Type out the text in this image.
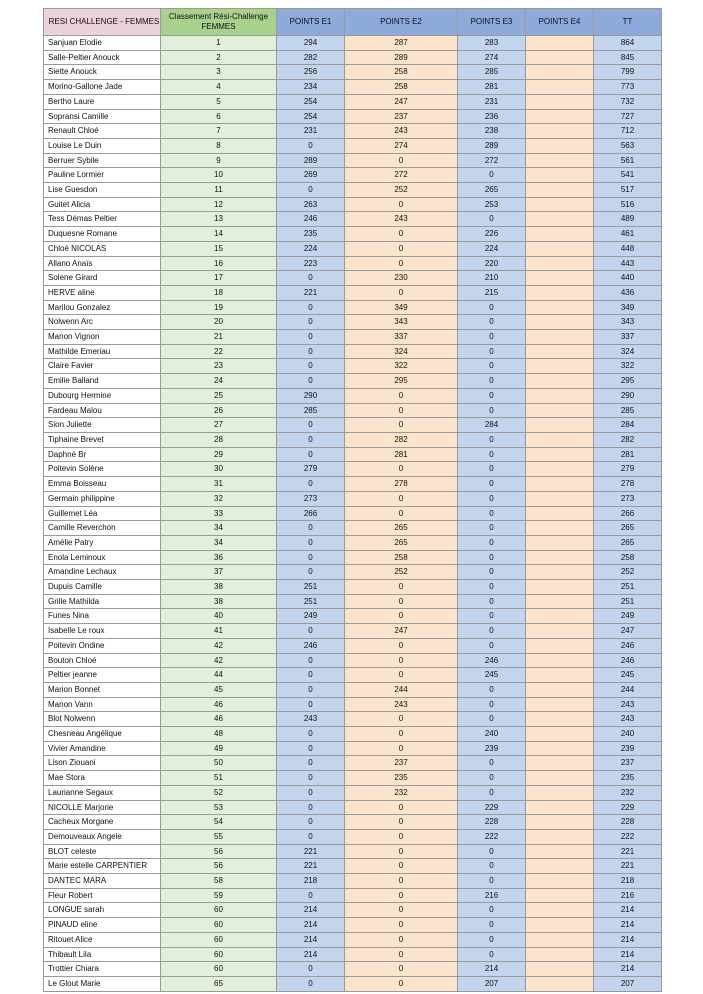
RESI CHALLENGE - FEMMES	Classement Rési-Challenge FEMMES	POINTS E1	POINTS E2	POINTS E3	POINTS E4	TT
Sanjuan Elodie	1	294	287	283		864
Salle-Peltier Anouck	2	282	289	274		845
Siette Anouck	3	256	258	285		799
Morino-Gallone Jade	4	234	258	281		773
Bertho Laure	5	254	247	231		732
Sopransi Camille	6	254	237	236		727
Renault Chloé	7	231	243	238		712
Louise Le Duin	8	0	274	289		563
Berruer Sybile	9	289	0	272		561
Pauline Lormier	10	269	272	0		541
Lise Guesdon	11	0	252	265		517
Guitet Alicia	12	263	0	253		516
Tess Démas Peltier	13	246	243	0		489
Duquesne Romane	14	235	0	226		461
Chloé NICOLAS	15	224	0	224		448
Allano Anaïs	16	223	0	220		443
Solene Girard	17	0	230	210		440
HERVE aline	18	221	0	215		436
Marilou Gonzalez	19	0	349	0		349
Nolwenn Arc	20	0	343	0		343
Manon Vignon	21	0	337	0		337
Mathilde Emeriau	22	0	324	0		324
Claire Favier	23	0	322	0		322
Emilie Balland	24	0	295	0		295
Dubourg Hermine	25	290	0	0		290
Fardeau Malou	26	285	0	0		285
Sion Juliette	27	0	0	284		284
Tiphaine Brevet	28	0	282	0		282
Daphné Br	29	0	281	0		281
Poitevin Solène	30	279	0	0		279
Emma Boisseau	31	0	278	0		278
Germain philippine	32	273	0	0		273
Guillemet Léa	33	266	0	0		266
Camille Reverchon	34	0	265	0		265
Amélie Patry	34	0	265	0		265
Enola Leminoux	36	0	258	0		258
Amandine Lechaux	37	0	252	0		252
Dupuis Camille	38	251	0	0		251
Grille Mathilda	38	251	0	0		251
Funes Nina	40	249	0	0		249
Isabelle Le roux	41	0	247	0		247
Poitevin Ondine	42	246	0	0		246
Bouton Chloé	42	0	0	246		246
Peltier jeanne	44	0	0	245		245
Marion Bonnet	45	0	244	0		244
Manon Vann	46	0	243	0		243
Blot Nolwenn	46	243	0	0		243
Chesneau Angélique	48	0	0	240		240
Vivier Amandine	49	0	0	239		239
Lison Ziouani	50	0	237	0		237
Mae Stora	51	0	235	0		235
Laurianne Segaux	52	0	232	0		232
NICOLLE Marjorie	53	0	0	229		229
Cacheux Morgane	54	0	0	228		228
Demouveaux Angele	55	0	0	222		222
BLOT celeste	56	221	0	0		221
Marie estelle CARPENTIER	56	221	0	0		221
DANTEC MARA	58	218	0	0		218
Fleur Robert	59	0	0	216		216
LONGUE sarah	60	214	0	0		214
PINAUD eline	60	214	0	0		214
Ritouet Alice	60	214	0	0		214
Thibault Lila	60	214	0	0		214
Trottier Chiara	60	0	0	214		214
Le Glout Marie	65	0	0	207		207
